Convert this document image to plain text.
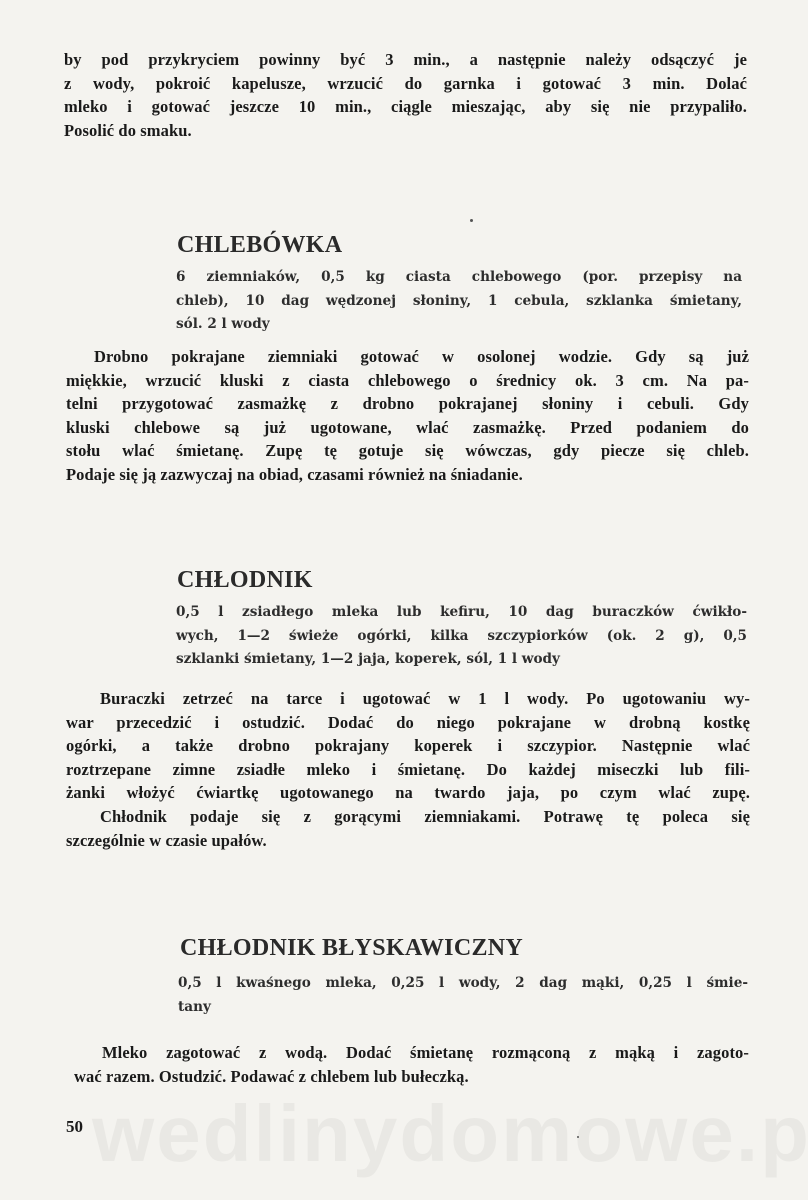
by pod przykryciem powinny być 3 min., a następnie należy odsączyć je
z wody, pokroić kapelusze, wrzucić do garnka i gotować 3 min. Dolać
mleko i gotować jeszcze 10 min., ciągle mieszając, aby się nie przypaliło.
Posolić do smaku.
CHLEBÓWKA
6 ziemniaków, 0,5 kg ciasta chlebowego (por. przepisy na
chleb), 10 dag wędzonej słoniny, 1 cebula, szklanka śmietany,
sól. 2 l wody
Drobno pokrajane ziemniaki gotować w osolonej wodzie. Gdy są już
miękkie, wrzucić kluski z ciasta chlebowego o średnicy ok. 3 cm. Na pa-
telni przygotować zasmażkę z drobno pokrajanej słoniny i cebuli. Gdy
kluski chlebowe są już ugotowane, wlać zasmażkę. Przed podaniem do
stołu wlać śmietanę. Zupę tę gotuje się wówczas, gdy piecze się chleb.
Podaje się ją zazwyczaj na obiad, czasami również na śniadanie.
CHŁODNIK
0,5 l zsiadłego mleka lub kefiru, 10 dag buraczków ćwikło-
wych, 1—2 świeże ogórki, kilka szczypiorków (ok. 2 g), 0,5
szklanki śmietany, 1—2 jaja, koperek, sól, 1 l wody
Buraczki zetrzeć na tarce i ugotować w 1 l wody. Po ugotowaniu wy-
war przecedzić i ostudzić. Dodać do niego pokrajane w drobną kostkę
ogórki, a także drobno pokrajany koperek i szczypior. Następnie wlać
roztrzepane zimne zsiadłe mleko i śmietanę. Do każdej miseczki lub fili-
żanki włożyć ćwiartkę ugotowanego na twardo jaja, po czym wlać zupę.
Chłodnik podaje się z gorącymi ziemniakami. Potrawę tę poleca się
szczególnie w czasie upałów.
CHŁODNIK BŁYSKAWICZNY
0,5 l kwaśnego mleka, 0,25 l wody, 2 dag mąki, 0,25 l śmie-
tany
Mleko zagotować z wodą. Dodać śmietanę rozmąconą z mąką i zagoto-
wać razem. Ostudzić. Podawać z chlebem lub bułeczką.
50
